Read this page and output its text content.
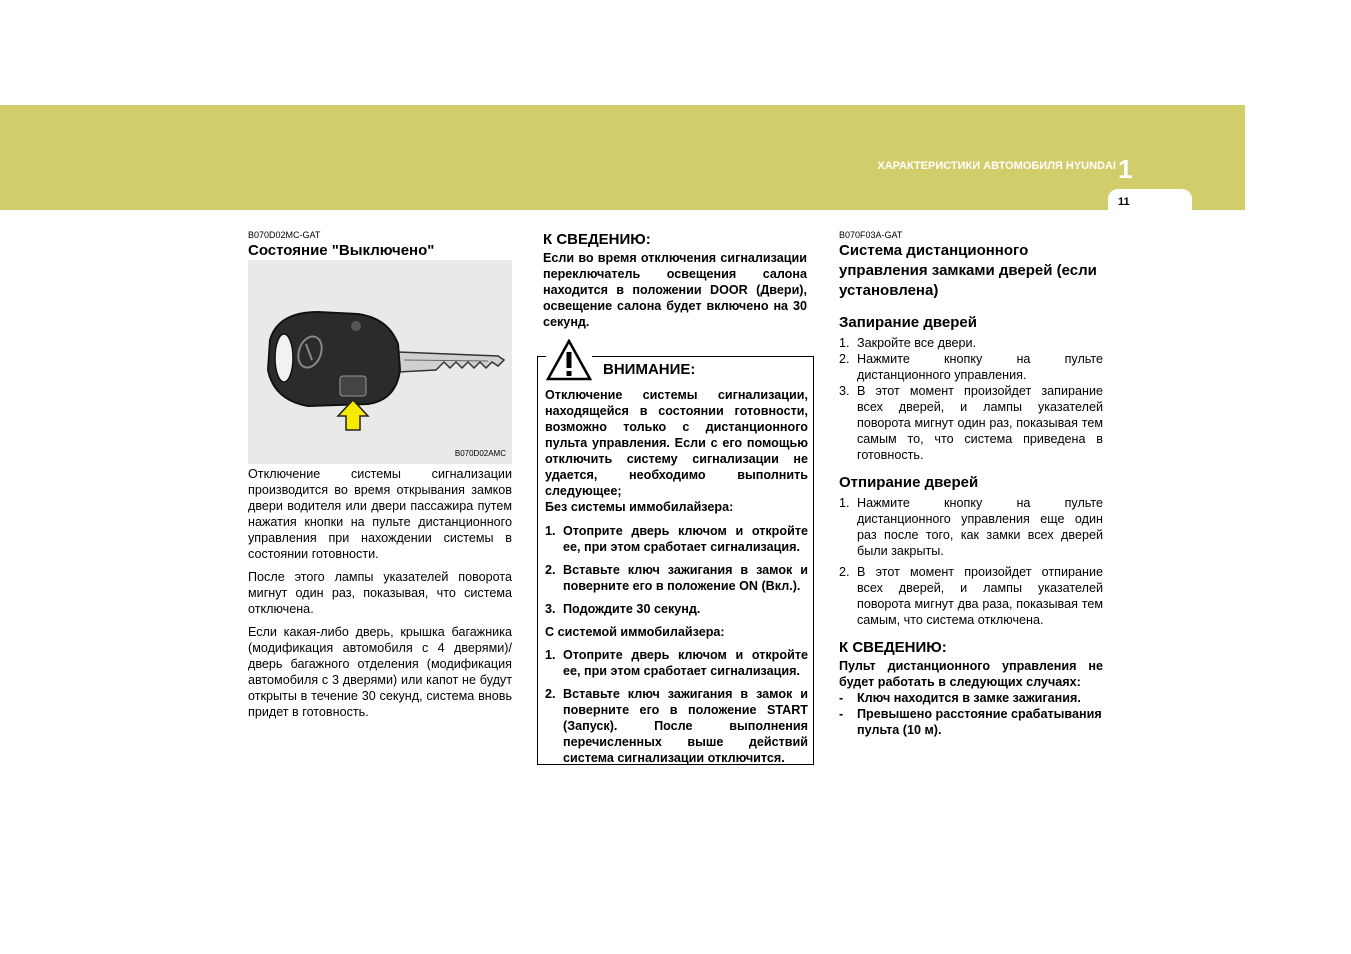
ХАРАКТЕРИСТИКИ АВТОМОБИЛЯ HYUNDAI 1
11
B070D02MC-GAT
Состояние "Выключено"
B070D02AMC

Отключение системы сигнализации производится во время открывания замков двери водителя или двери пассажира путем нажатия кнопки на пульте дистанционного управления при нахождении системы в состоянии готовности.

После этого лампы указателей поворота мигнут один раз, показывая, что система отключена.

Если какая-либо дверь, крышка багажника (модификация автомобиля с 4 дверями)/дверь багажного отделения (модификация автомобиля с 3 дверями) или капот не будут открыты в течение 30 секунд, система вновь придет в готовность.

К СВЕДЕНИЮ:

Если во время отключения сигнализации переключатель освещения салона находится в положении DOOR (Двери), освещение салона будет включено на 30 секунд.

ВНИМАНИЕ:

Отключение системы сигнализации, находящейся в состоянии готовности, возможно только с дистанционного пульта управления. Если с его помощью отключить систему сигнализации не удается, необходимо выполнить следующее;

Без системы иммобилайзера:

1. Отоприте дверь ключом и откройте ее, при этом сработает сигнализация.
2. Вставьте ключ зажигания в замок и поверните его в положение ON (Вкл.).
3. Подождите 30 секунд.

С системой иммобилайзера:

1. Отоприте дверь ключом и откройте ее, при этом сработает сигнализация.
2. Вставьте ключ зажигания в замок и поверните его в положение START (Запуск). После выполнения перечисленных выше действий система сигнализации отключится.
B070F03A-GAT
Система дистанционного управления замками дверей (если установлена)
Запирание дверей
1. Закройте все двери.
2. Нажмите кнопку на пульте дистанционного управления.
3. В этот момент произойдет запирание всех дверей, и лампы указателей поворота мигнут один раз, показывая тем самым то, что система приведена в готовность.
Отпирание дверей
1. Нажмите кнопку на пульте дистанционного управления еще один раз после того, как замки всех дверей были закрыты.
2. В этот момент произойдет отпирание всех дверей, и лампы указателей поворота мигнут два раза, показывая тем самым, что система отключена.
К СВЕДЕНИЮ:

Пульт дистанционного управления не будет работать в следующих случаях:

-	Ключ находится в замке зажигания.
-	Превышено расстояние срабатывания пульта (10 м).
